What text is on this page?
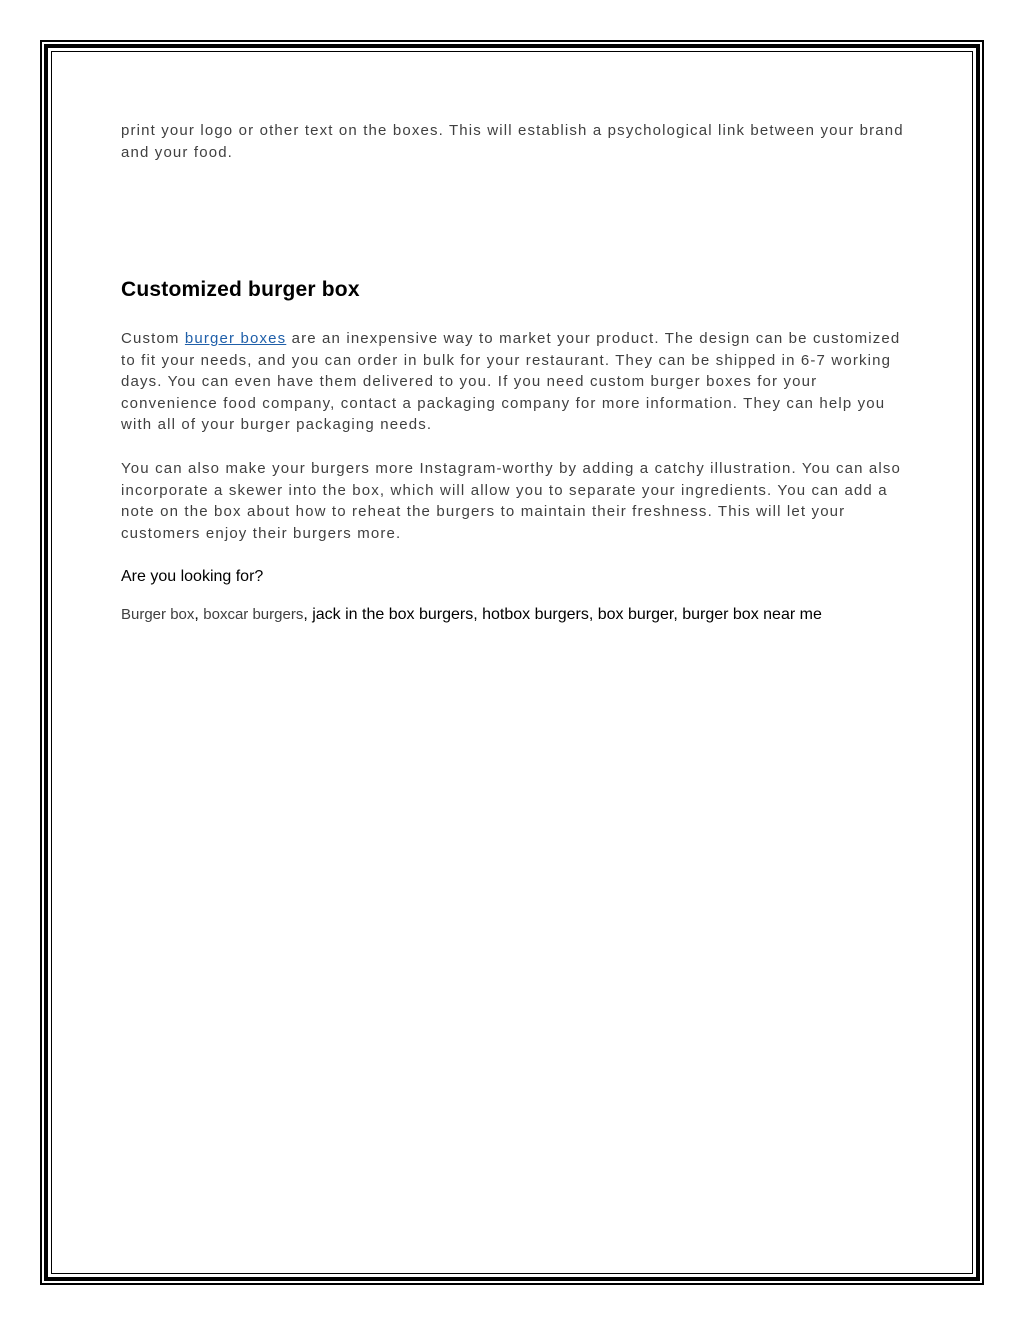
print your logo or other text on the boxes. This will establish a psychological link between your brand and your food.

Customized burger box

Custom burger boxes are an inexpensive way to market your product. The design can be customized to fit your needs, and you can order in bulk for your restaurant. They can be shipped in 6-7 working days. You can even have them delivered to you. If you need custom burger boxes for your convenience food company, contact a packaging company for more information. They can help you with all of your burger packaging needs.

You can also make your burgers more Instagram-worthy by adding a catchy illustration. You can also incorporate a skewer into the box, which will allow you to separate your ingredients. You can add a note on the box about how to reheat the burgers to maintain their freshness. This will let your customers enjoy their burgers more.

Are you looking for?

Burger box, boxcar burgers, jack in the box burgers, hotbox burgers, box burger, burger box near me
